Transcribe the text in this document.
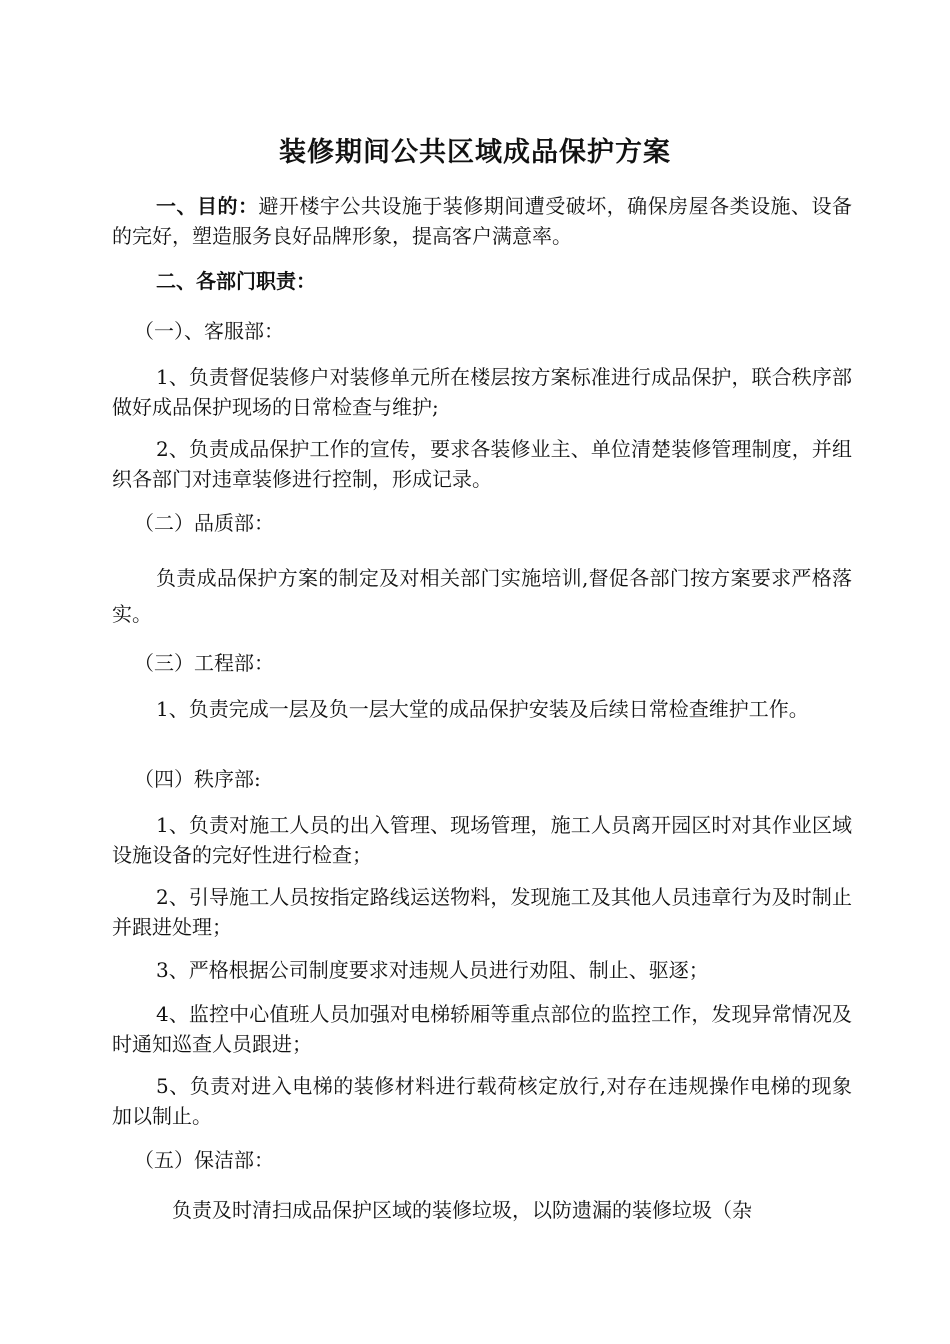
装修期间公共区域成品保护方案
一、目的：避开楼宇公共设施于装修期间遭受破坏，确保房屋各类设施、设备的完好，塑造服务良好品牌形象，提高客户满意率。
二、各部门职责：
（一）、客服部：
1、负责督促装修户对装修单元所在楼层按方案标准进行成品保护，联合秩序部做好成品保护现场的日常检查与维护;
2、负责成品保护工作的宣传，要求各装修业主、单位清楚装修管理制度，并组织各部门对违章装修进行控制，形成记录。
（二）品质部：
负责成品保护方案的制定及对相关部门实施培训,督促各部门按方案要求严格落实。
（三）工程部：
1、负责完成一层及负一层大堂的成品保护安装及后续日常检查维护工作。
（四）秩序部:
1、负责对施工人员的出入管理、现场管理，施工人员离开园区时对其作业区域设施设备的完好性进行检查；
2、引导施工人员按指定路线运送物料，发现施工及其他人员违章行为及时制止并跟进处理；
3、严格根据公司制度要求对违规人员进行劝阻、制止、驱逐；
4、监控中心值班人员加强对电梯轿厢等重点部位的监控工作，发现异常情况及时通知巡查人员跟进；
5、负责对进入电梯的装修材料进行载荷核定放行,对存在违规操作电梯的现象加以制止。
（五）保洁部：
负责及时清扫成品保护区域的装修垃圾，以防遗漏的装修垃圾（杂
